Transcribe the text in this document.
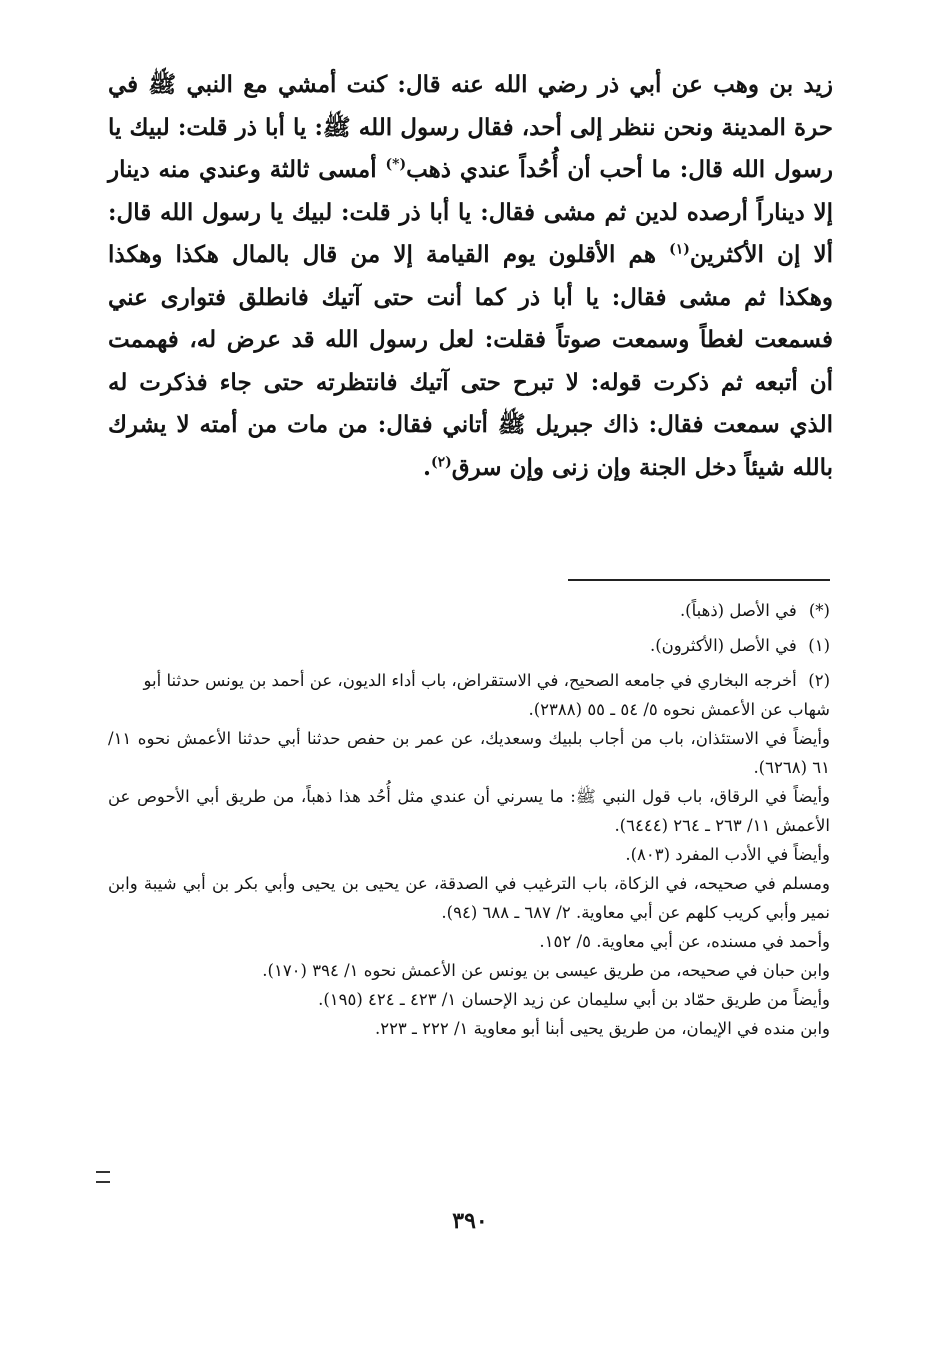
زيد بن وهب عن أبي ذر رضي الله عنه قال: كنت أمشي مع النبي ﷺ في حرة المدينة ونحن ننظر إلى أحد، فقال رسول الله ﷺ: يا أبا ذر قلت: لبيك يا رسول الله قال: ما أحب أن أُحُداً عندي ذهب(*) أمسى ثالثة وعندي منه دينار إلا ديناراً أرصده لدين ثم مشى فقال: يا أبا ذر قلت: لبيك يا رسول الله قال: ألا إن الأكثرين$^{(١)}$ هم الأقلون يوم القيامة إلا من قال بالمال هكذا وهكذا وهكذا ثم مشى فقال: يا أبا ذر كما أنت حتى آتيك فانطلق فتوارى عني فسمعت لغطاً وسمعت صوتاً فقلت: لعل رسول الله قد عرض له، فهممت أن أتبعه ثم ذكرت قوله: لا تبرح حتى آتيك فانتظرته حتى جاء فذكرت له الذي سمعت فقال: ذاك جبريل ﷺ أتاني فقال: من مات من أمته لا يشرك بالله شيئاً دخل الجنة وإن زنى وإن سرق$^{(٢)}$.
(*) في الأصل (ذهباً).
(١) في الأصل (الأكثرون).
(٢) أخرجه البخاري في جامعه الصحيح، في الاستقراض، باب أداء الديون، عن أحمد بن يونس حدثنا أبو شهاب عن الأعمش نحوه ٥/ ٥٤ ـ ٥٥ (٢٣٨٨).
وأيضاً في الاستئذان، باب من أجاب بلبيك وسعديك، عن عمر بن حفص حدثنا أبي حدثنا الأعمش نحوه ١١/ ٦١ (٦٢٦٨).
وأيضاً في الرقاق، باب قول النبي ﷺ: ما يسرني أن عندي مثل أُحُد هذا ذهباً، من طريق أبي الأحوص عن الأعمش ١١/ ٢٦٣ ـ ٢٦٤ (٦٤٤٤).
وأيضاً في الأدب المفرد (٨٠٣).
ومسلم في صحيحه، في الزكاة، باب الترغيب في الصدقة، عن يحيى بن يحيى وأبي بكر بن أبي شيبة وابن نمير وأبي كريب كلهم عن أبي معاوية. ٢/ ٦٨٧ ـ ٦٨٨ (٩٤).
وأحمد في مسنده، عن أبي معاوية. ٥/ ١٥٢.
وابن حبان في صحيحه، من طريق عيسى بن يونس عن الأعمش نحوه ١/ ٣٩٤ (١٧٠).
وأيضاً من طريق حمّاد بن أبي سليمان عن زيد الإحسان ١/ ٤٢٣ ـ ٤٢٤ (١٩٥).
وابن منده في الإيمان، من طريق يحيى أبنا أبو معاوية ١/ ٢٢٢ ـ ٢٢٣.
٣٩٠
